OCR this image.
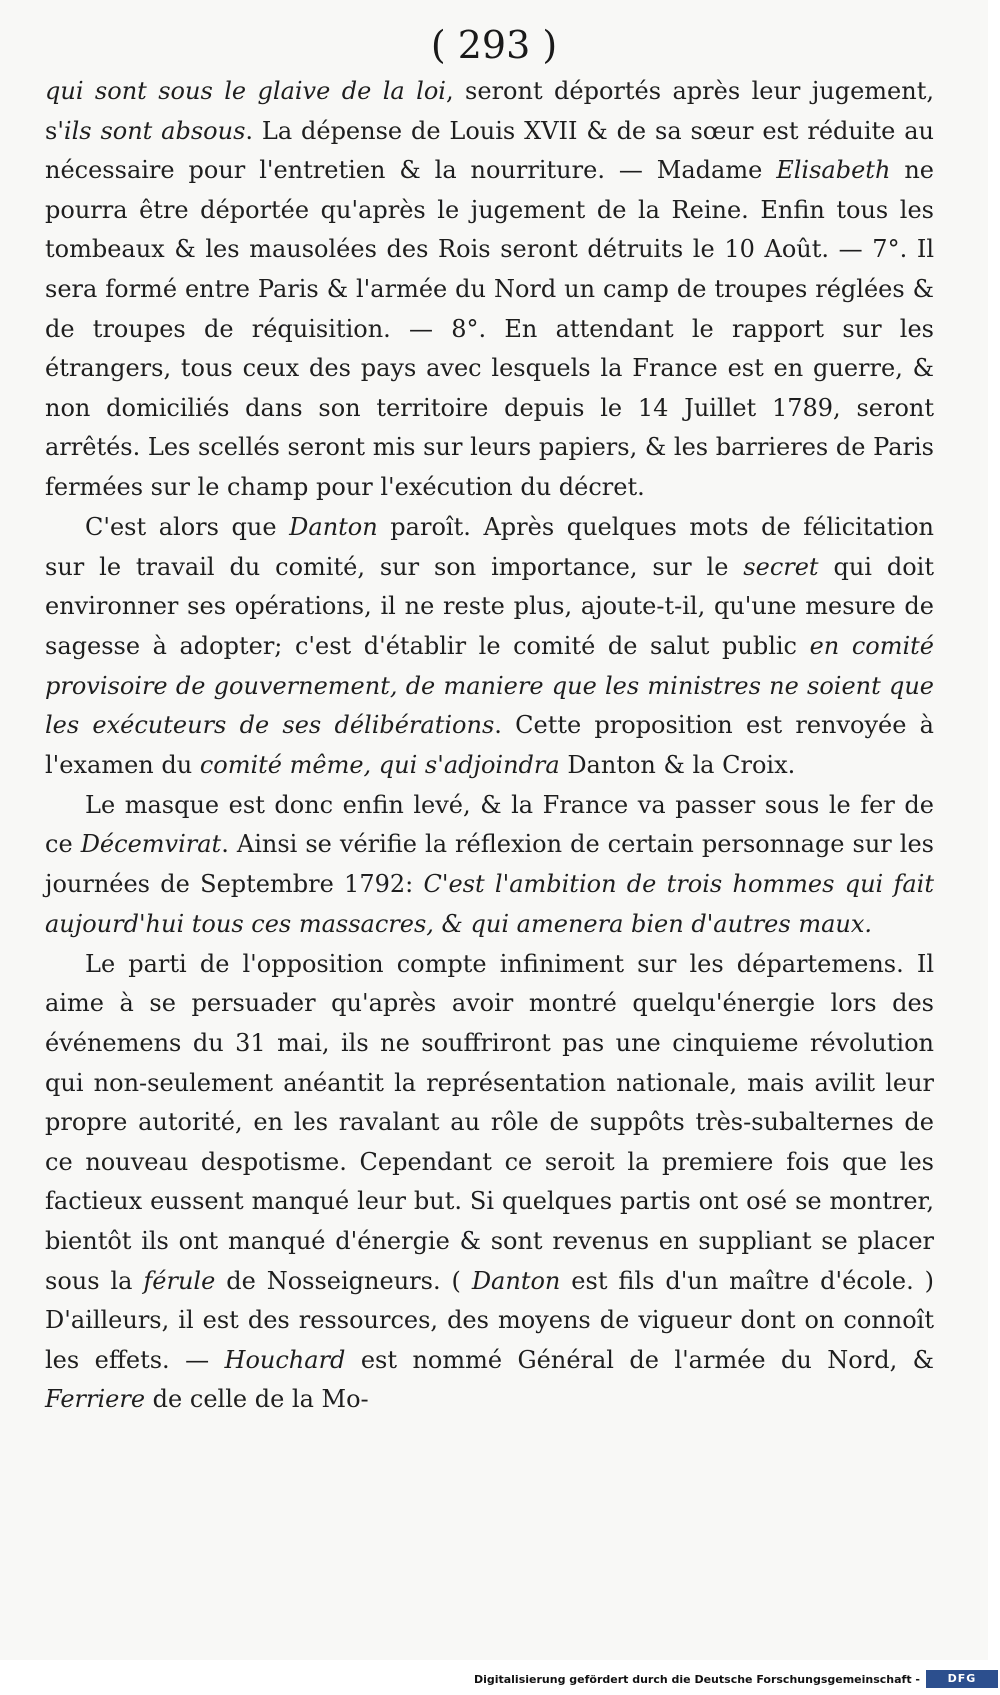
( 293 )

qui sont sous le glaive de la loi, seront déportés après leur jugement, s'ils sont absous. La dépense de Louis XVII & de sa sœur est réduite au nécessaire pour l'entretien & la nourriture. — Madame Elisabeth ne pourra être déportée qu'après le jugement de la Reine. Enfin tous les tombeaux & les mausolées des Rois seront détruits le 10 Août. — 7°. Il sera formé entre Paris & l'armée du Nord un camp de troupes réglées & de troupes de réquisition. — 8°. En attendant le rapport sur les étrangers, tous ceux des pays avec lesquels la France est en guerre, & non domiciliés dans son territoire depuis le 14 Juillet 1789, seront arrêtés. Les scellés seront mis sur leurs papiers, & les barrieres de Paris fermées sur le champ pour l'exécution du décret.

C'est alors que Danton paroît. Après quelques mots de félicitation sur le travail du comité, sur son importance, sur le secret qui doit environner ses opérations, il ne reste plus, ajoute-t-il, qu'une mesure de sagesse à adopter; c'est d'établir le comité de salut public en comité provisoire de gouvernement, de maniere que les ministres ne soient que les exécuteurs de ses délibérations. Cette proposition est renvoyée à l'examen du comité même, qui s'adjoindra Danton & la Croix.

Le masque est donc enfin levé, & la France va passer sous le fer de ce Décemvirat. Ainsi se vérifie la réflexion de certain personnage sur les journées de Septembre 1792: C'est l'ambition de trois hommes qui fait aujourd'hui tous ces massacres, & qui amenera bien d'autres maux.

Le parti de l'opposition compte infiniment sur les départemens. Il aime à se persuader qu'après avoir montré quelqu'énergie lors des événemens du 31 mai, ils ne souffriront pas une cinquieme révolution qui non-seulement anéantit la représentation nationale, mais avilit leur propre autorité, en les ravalant au rôle de suppôts très-subalternes de ce nouveau despotisme. Cependant ce seroit la premiere fois que les factieux eussent manqué leur but. Si quelques partis ont osé se montrer, bientôt ils ont manqué d'énergie & sont revenus en suppliant se placer sous la férule de Nosseigneurs. ( Danton est fils d'un maître d'école. ) D'ailleurs, il est des ressources, des moyens de vigueur dont on connoît les effets. — Houchard est nommé Général de l'armée du Nord, & Ferriere de celle de la Mo-

Digitalisierung gefördert durch die Deutsche Forschungsgemeinschaft -	DFG
